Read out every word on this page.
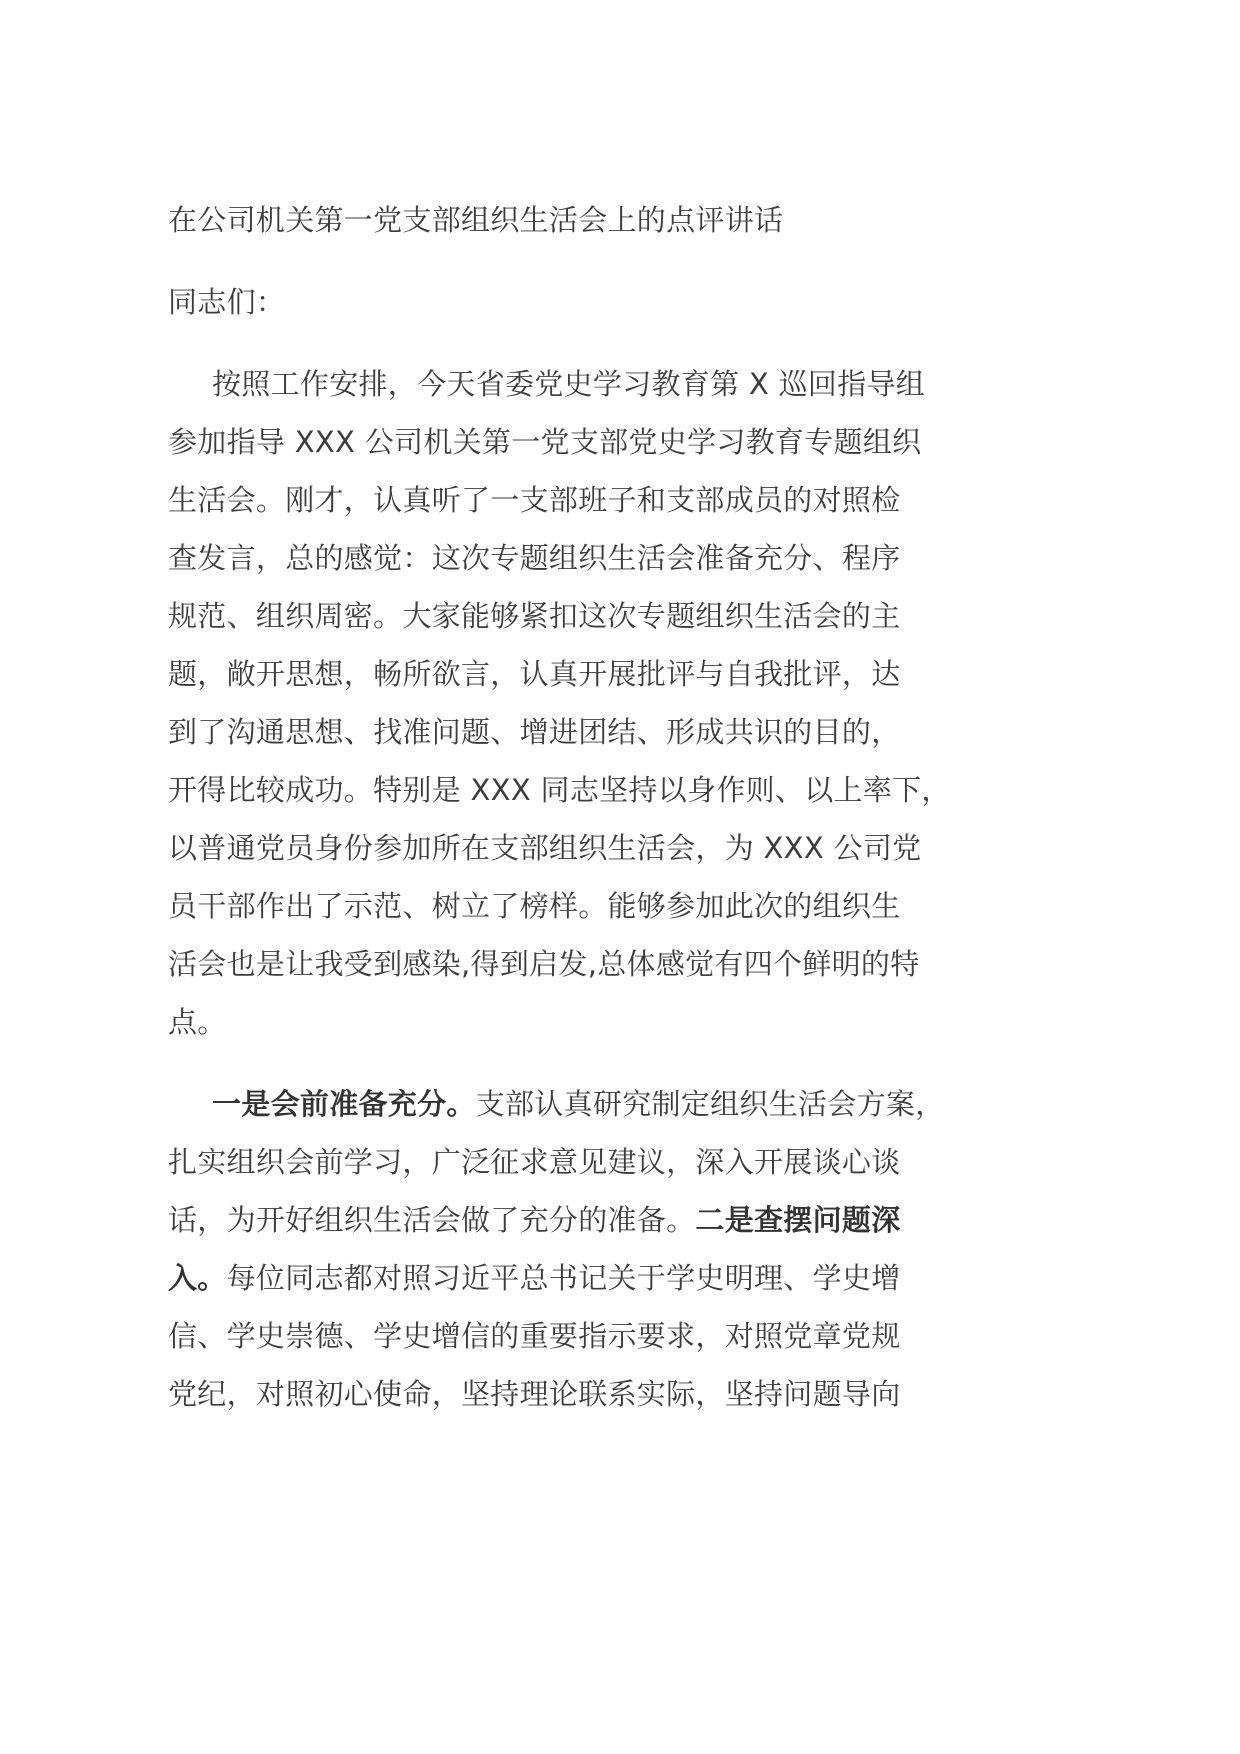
在公司机关第一党支部组织生活会上的点评讲话
同志们：
按照工作安排，今天省委党史学习教育第 X 巡回指导组
参加指导 XXX 公司机关第一党支部党史学习教育专题组织
生活会。刚才，认真听了一支部班子和支部成员的对照检
查发言，总的感觉：这次专题组织生活会准备充分、程序
规范、组织周密。大家能够紧扣这次专题组织生活会的主
题，敞开思想，畅所欲言，认真开展批评与自我批评，达
到了沟通思想、找准问题、增进团结、形成共识的目的，
开得比较成功。特别是 XXX 同志坚持以身作则、以上率下，
以普通党员身份参加所在支部组织生活会，为 XXX 公司党
员干部作出了示范、树立了榜样。能够参加此次的组织生
活会也是让我受到感染,得到启发,总体感觉有四个鲜明的特
点。
一是会前准备充分。支部认真研究制定组织生活会方案，
扎实组织会前学习，广泛征求意见建议，深入开展谈心谈
话，为开好组织生活会做了充分的准备。二是查摆问题深
入。每位同志都对照习近平总书记关于学史明理、学史增
信、学史崇德、学史增信的重要指示要求，对照党章党规
党纪，对照初心使命，坚持理论联系实际，坚持问题导向
